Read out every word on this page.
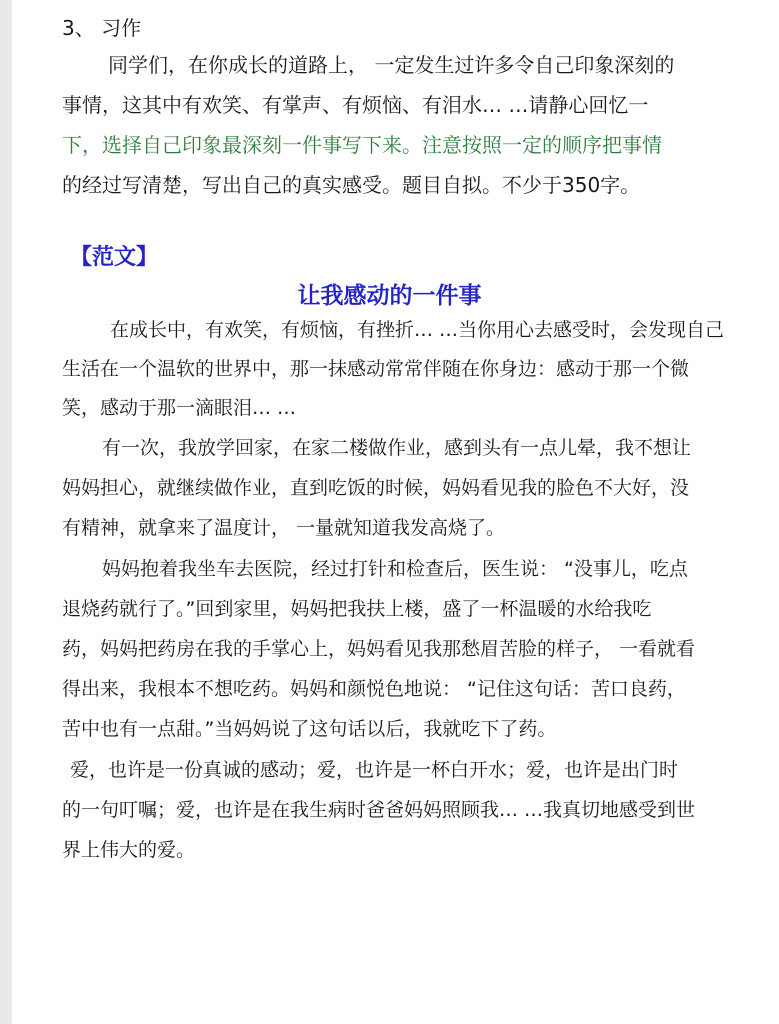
3、 习作
同学们，在你成长的道路上， 一定发生过许多令自己印象深刻的
事情，这其中有欢笑、有掌声、有烦恼、有泪水… …请静心回忆一
下，选择自己印象最深刻一件事写下来。注意按照一定的顺序把事情
的经过写清楚，写出自己的真实感受。题目自拟。不少于350字。
【范文】
让我感动的一件事
在成长中，有欢笑，有烦恼，有挫折… …当你用心去感受时，会发现自己
生活在一个温软的世界中，那一抹感动常常伴随在你身边：感动于那一个微
笑，感动于那一滴眼泪… …
有一次，我放学回家，在家二楼做作业，感到头有一点儿晕，我不想让
妈妈担心，就继续做作业，直到吃饭的时候，妈妈看见我的脸色不大好，没
有精神，就拿来了温度计， 一量就知道我发高烧了。
妈妈抱着我坐车去医院，经过打针和检查后，医生说： “没事儿，吃点
退烧药就行了。”回到家里，妈妈把我扶上楼，盛了一杯温暖的水给我吃
药，妈妈把药房在我的手掌心上，妈妈看见我那愁眉苦脸的样子， 一看就看
得出来，我根本不想吃药。妈妈和颜悦色地说： “记住这句话：苦口良药，
苦中也有一点甜。”当妈妈说了这句话以后，我就吃下了药。
爱，也许是一份真诚的感动；爱，也许是一杯白开水；爱，也许是出门时
的一句叮嘱；爱，也许是在我生病时爸爸妈妈照顾我… …我真切地感受到世
界上伟大的爱。
